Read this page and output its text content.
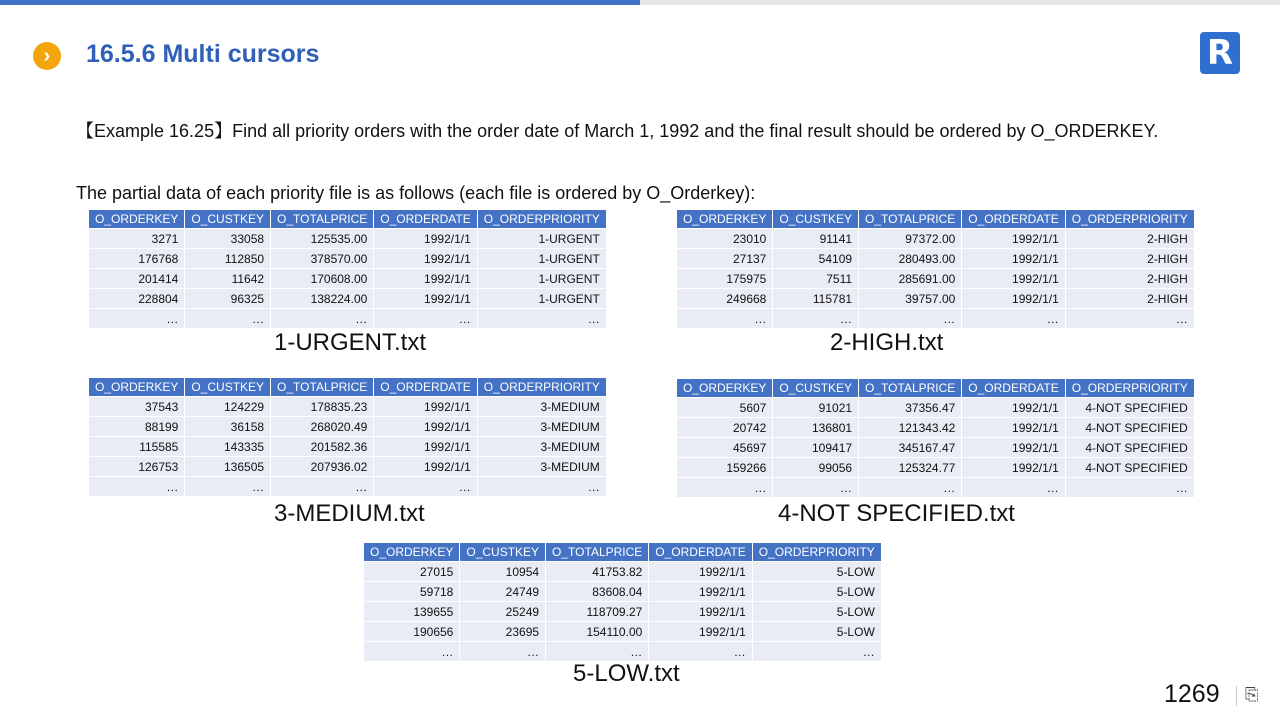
›	16.5.6 Multi cursors	R
【Example 16.25】Find all priority orders with the order date of March 1, 1992 and the final result should be ordered by O_ORDERKEY.
The partial data of each priority file is as follows (each file is ordered by O_Orderkey):
O_ORDERKEY	O_CUSTKEY	O_TOTALPRICE	O_ORDERDATE	O_ORDERPRIORITY
3271	33058	125535.00	1992/1/1	1-URGENT
176768	112850	378570.00	1992/1/1	1-URGENT
201414	11642	170608.00	1992/1/1	1-URGENT
228804	96325	138224.00	1992/1/1	1-URGENT
…	…	…	…	…
1-URGENT.txt
O_ORDERKEY	O_CUSTKEY	O_TOTALPRICE	O_ORDERDATE	O_ORDERPRIORITY
23010	91141	97372.00	1992/1/1	2-HIGH
27137	54109	280493.00	1992/1/1	2-HIGH
175975	7511	285691.00	1992/1/1	2-HIGH
249668	115781	39757.00	1992/1/1	2-HIGH
…	…	…	…	…
2-HIGH.txt
O_ORDERKEY	O_CUSTKEY	O_TOTALPRICE	O_ORDERDATE	O_ORDERPRIORITY
37543	124229	178835.23	1992/1/1	3-MEDIUM
88199	36158	268020.49	1992/1/1	3-MEDIUM
115585	143335	201582.36	1992/1/1	3-MEDIUM
126753	136505	207936.02	1992/1/1	3-MEDIUM
…	…	…	…	…
3-MEDIUM.txt
O_ORDERKEY	O_CUSTKEY	O_TOTALPRICE	O_ORDERDATE	O_ORDERPRIORITY
5607	91021	37356.47	1992/1/1	4-NOT SPECIFIED
20742	136801	121343.42	1992/1/1	4-NOT SPECIFIED
45697	109417	345167.47	1992/1/1	4-NOT SPECIFIED
159266	99056	125324.77	1992/1/1	4-NOT SPECIFIED
…	…	…	…	…
4-NOT SPECIFIED.txt
O_ORDERKEY	O_CUSTKEY	O_TOTALPRICE	O_ORDERDATE	O_ORDERPRIORITY
27015	10954	41753.82	1992/1/1	5-LOW
59718	24749	83608.04	1992/1/1	5-LOW
139655	25249	118709.27	1992/1/1	5-LOW
190656	23695	154110.00	1992/1/1	5-LOW
…	…	…	…	…
5-LOW.txt
1269 ⎘
